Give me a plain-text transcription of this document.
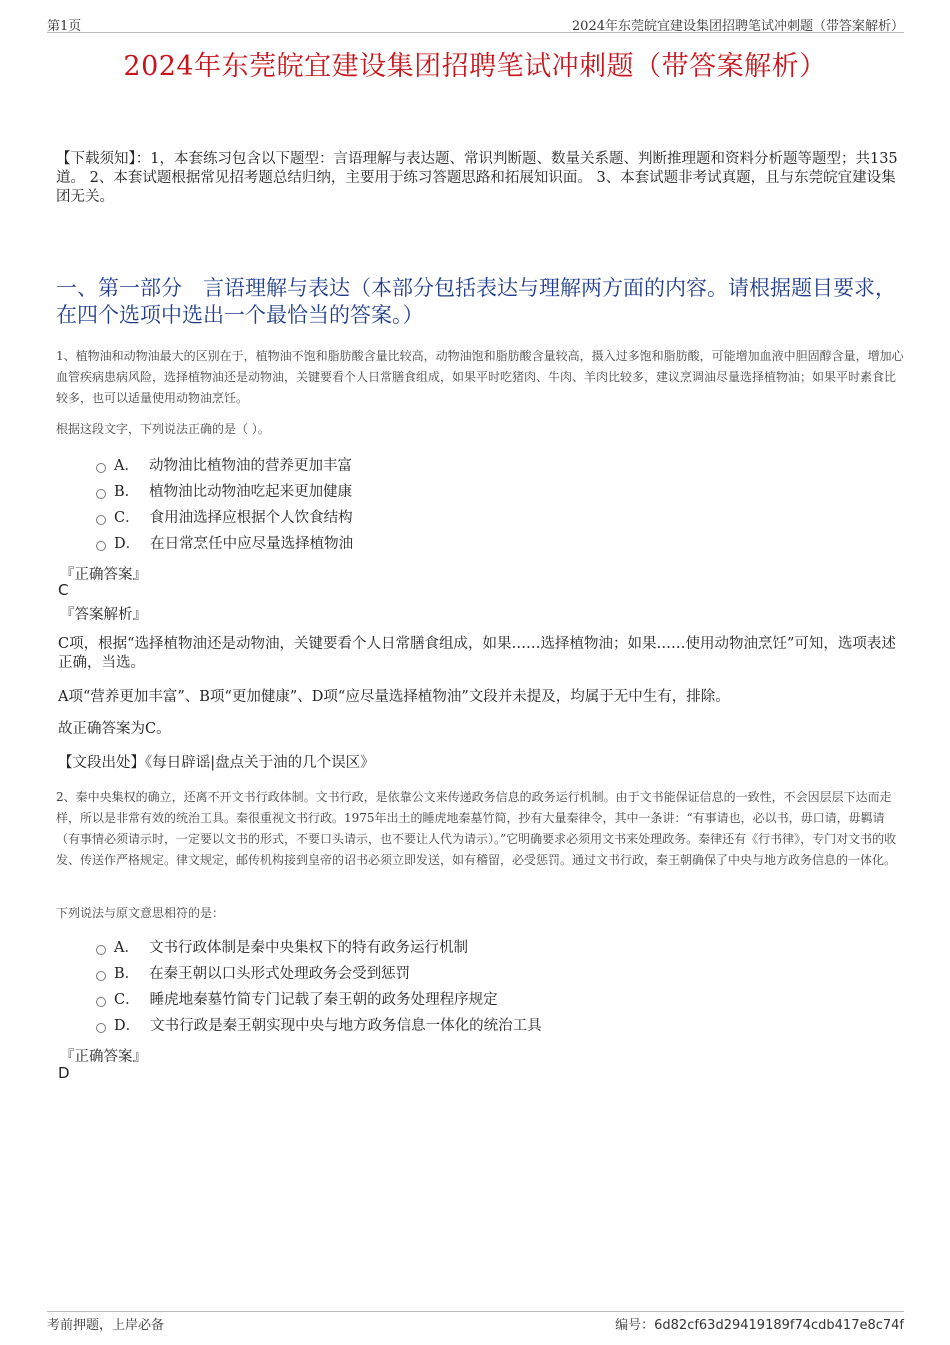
第1页	2024年东莞皖宜建设集团招聘笔试冲刺题（带答案解析）
2024年东莞皖宜建设集团招聘笔试冲刺题（带答案解析）
【下载须知】：1，本套练习包含以下题型：言语理解与表达题、常识判断题、数量关系题、判断推理题和资料分析题等题型；共135道。 2、本套试题根据常见招考题总结归纳，主要用于练习答题思路和拓展知识面。 3、本套试题非考试真题，且与东莞皖宜建设集团无关。
一、第一部分　言语理解与表达（本部分包括表达与理解两方面的内容。请根据题目要求，在四个选项中选出一个最恰当的答案。）
1、植物油和动物油最大的区别在于，植物油不饱和脂肪酸含量比较高，动物油饱和脂肪酸含量较高，摄入过多饱和脂肪酸，可能增加血液中胆固醇含量，增加心血管疾病患病风险，选择植物油还是动物油，关键要看个人日常膳食组成，如果平时吃猪肉、牛肉、羊肉比较多，建议烹调油尽量选择植物油；如果平时素食比较多，也可以适量使用动物油烹饪。
根据这段文字，下列说法正确的是（ ）。
A． 动物油比植物油的营养更加丰富
B． 植物油比动物油吃起来更加健康
C． 食用油选择应根据个人饮食结构
D． 在日常烹任中应尽量选择植物油
『正确答案』
C
『答案解析』
C项，根据“选择植物油还是动物油，关键要看个人日常膳食组成，如果……选择植物油；如果……使用动物油烹饪”可知，选项表述正确，当选。
A项“营养更加丰富”、B项“更加健康”、D项“应尽量选择植物油”文段并未提及，均属于无中生有，排除。
故正确答案为C。
【文段出处】《每日辟谣|盘点关于油的几个误区》
2、秦中央集权的确立，还离不开文书行政体制。文书行政，是依靠公文来传递政务信息的政务运行机制。由于文书能保证信息的一致性，不会因层层下达而走样，所以是非常有效的统治工具。秦很重视文书行政。1975年出土的睡虎地秦墓竹简，抄有大量秦律令，其中一条讲：“有事请也，必以书，毋口请，毋羁请（有事情必须请示时，一定要以文书的形式，不要口头请示，也不要让人代为请示）。”它明确要求必须用文书来处理政务。秦律还有《行书律》，专门对文书的收发、传送作严格规定。律文规定，邮传机构接到皇帝的诏书必须立即发送，如有稽留，必受惩罚。通过文书行政，秦王朝确保了中央与地方政务信息的一体化。
下列说法与原文意思相符的是：
A． 文书行政体制是秦中央集权下的特有政务运行机制
B． 在秦王朝以口头形式处理政务会受到惩罚
C． 睡虎地秦墓竹简专门记载了秦王朝的政务处理程序规定
D． 文书行政是秦王朝实现中央与地方政务信息一体化的统治工具
『正确答案』
D
考前押题，上岸必备	编号：6d82cf63d29419189f74cdb417e8c74f
